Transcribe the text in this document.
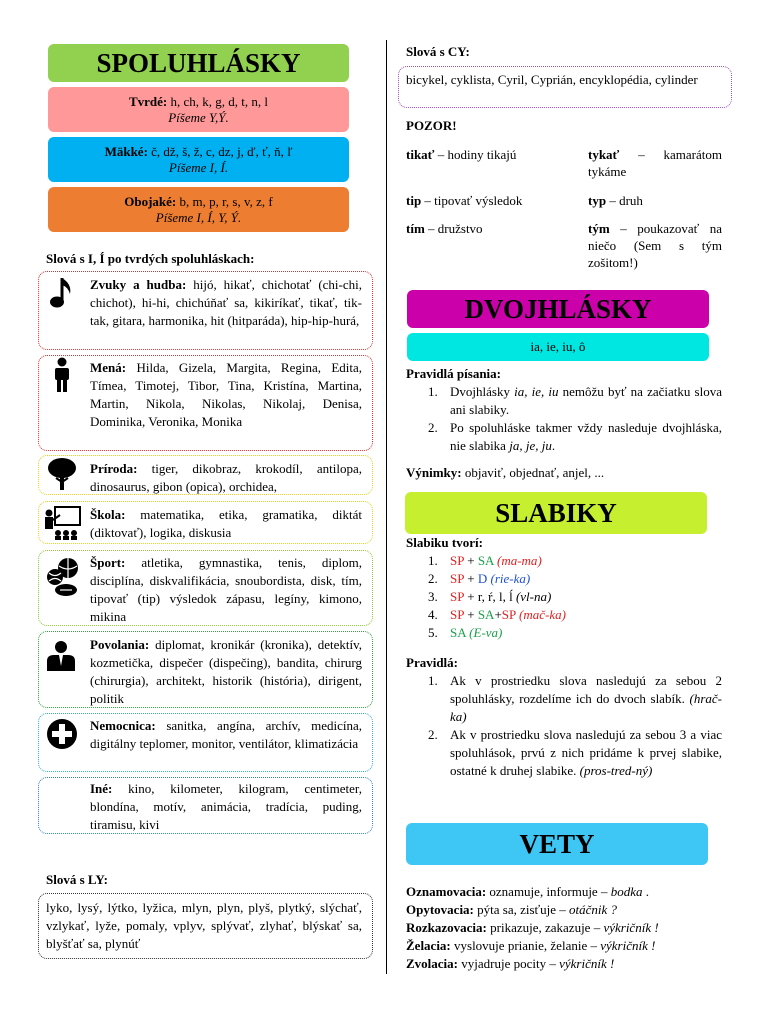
SPOLUHLÁSKY
Tvrdé: h, ch, k, g, d, t, n, l
Píšeme Y,Ý.
Mäkké: č, dž, š, ž, c, dz, j, ď, ť, ň, ľ
Píšeme I, Í.
Obojaké: b, m, p, r, s, v, z, f
Píšeme I, Í, Y, Ý.
Slová s I, Í po tvrdých spoluhláskach:
Zvuky a hudba: hijó, hikať, chichotať (chi-chi, chichot), hi-hi, chichúňať sa, kikiríkať, tikať, tik-tak, gitara, harmonika, hit (hitparáda), hip-hip-hurá,
Mená: Hilda, Gizela, Margita, Regina, Edita, Tímea, Timotej, Tibor, Tina, Kristína, Martina, Martin, Nikola, Nikolas, Nikolaj, Denisa, Dominika, Veronika, Monika
Príroda: tiger, dikobraz, krokodíl, antilopa, dinosaurus, gibon (opica), orchidea,
Škola: matematika, etika, gramatika, diktát (diktovať), logika, diskusia
Šport: atletika, gymnastika, tenis, diplom, disciplína, diskvalifikácia, snoubordista, disk, tím, tipovať (tip) výsledok zápasu, legíny, kimono, mikina
Povolania: diplomat, kronikár (kronika), detektív, kozmetička, dispečer (dispečing), bandita, chirurg (chirurgia), architekt, historik (história), dirigent, politik
Nemocnica: sanitka, angína, archív, medicína, digitálny teplomer, monitor, ventilátor, klimatizácia
Iné: kino, kilometer, kilogram, centimeter, blondína, motív, animácia, tradícia, puding, tiramisu, kivi
Slová s LY:
lyko, lysý, lýtko, lyžica, mlyn, plyn, plyš, plytký, slýchať, vzlykať, lyže, pomaly, vplyv, splývať, zlyhať, blýskať sa, blyšťať sa, plynúť
Slová s CY:
bicykel, cyklista, Cyril, Cyprián, encyklopédia, cylinder
POZOR!
tikať – hodiny tikajú	tykať – kamarátom tykáme
tip – tipovať výsledok	typ – druh
tím – družstvo	tým – poukazovať na niečo (Sem s tým zošitom!)
DVOJHLÁSKY
ia, ie, iu, ô
Pravidlá písania:
1. Dvojhlásky ia, ie, iu nemôžu byť na začiatku slova ani slabiky.
2. Po spoluhláske takmer vždy nasleduje dvojhláska, nie slabika ja, je, ju.
Výnimky: objaviť, objednať, anjel, ...
SLABIKY
Slabiku tvorí:
1. SP + SA (ma-ma)
2. SP + D (rie-ka)
3. SP + r, ŕ, l, ĺ (vl-na)
4. SP + SA+SP (mač-ka)
5. SA (E-va)
Pravidlá:
1. Ak v prostriedku slova nasledujú za sebou 2 spoluhlásky, rozdelíme ich do dvoch slabík. (hrač-ka)
2. Ak v prostriedku slova nasledujú za sebou 3 a viac spoluhlások, prvú z nich pridáme k prvej slabike, ostatné k druhej slabike. (pros-tred-ný)
VETY
Oznamovacia: oznamuje, informuje – bodka .
Opytovacia: pýta sa, zisťuje – otáčnik ?
Rozkazovacia: prikazuje, zakazuje – výkričník !
Želacia: vyslovuje prianie, želanie – výkričník !
Zvolacia: vyjadruje pocity – výkričník !
